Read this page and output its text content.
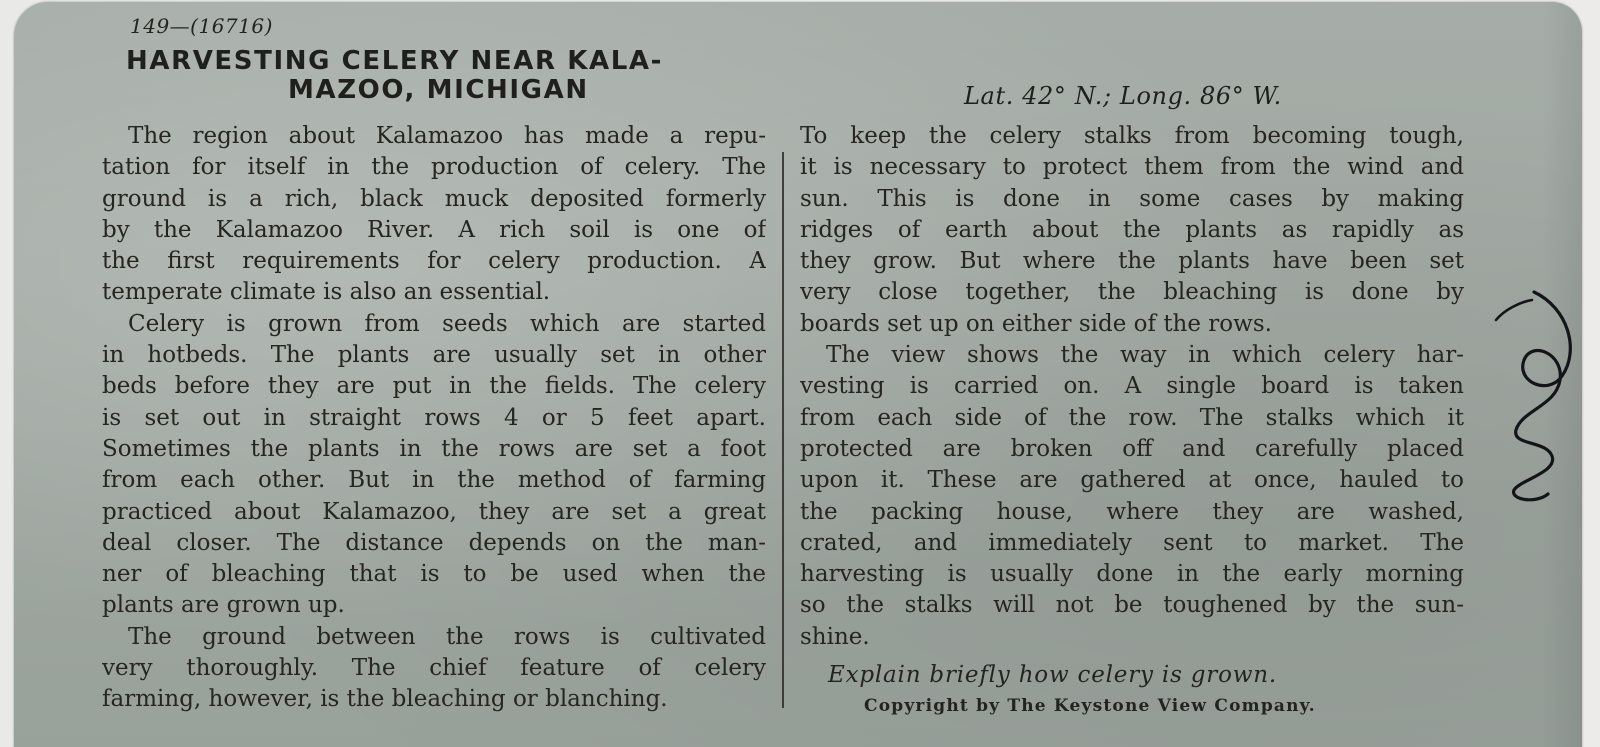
149—(16716)
HARVESTING CELERY NEAR KALA-
MAZOO, MICHIGAN	Lat. 42° N.; Long. 86° W.
The region about Kalamazoo has made a repu-
tation for itself in the production of celery. The
ground is a rich, black muck deposited formerly
by the Kalamazoo River. A rich soil is one of
the first requirements for celery production. A
temperate climate is also an essential.
Celery is grown from seeds which are started
in hotbeds. The plants are usually set in other
beds before they are put in the fields. The celery
is set out in straight rows 4 or 5 feet apart.
Sometimes the plants in the rows are set a foot
from each other. But in the method of farming
practiced about Kalamazoo, they are set a great
deal closer. The distance depends on the man-
ner of bleaching that is to be used when the
plants are grown up.
The ground between the rows is cultivated
very thoroughly. The chief feature of celery
farming, however, is the bleaching or blanching.
To keep the celery stalks from becoming tough,
it is necessary to protect them from the wind and
sun. This is done in some cases by making
ridges of earth about the plants as rapidly as
they grow. But where the plants have been set
very close together, the bleaching is done by
boards set up on either side of the rows.
The view shows the way in which celery har-
vesting is carried on. A single board is taken
from each side of the row. The stalks which it
protected are broken off and carefully placed
upon it. These are gathered at once, hauled to
the packing house, where they are washed,
crated, and immediately sent to market. The
harvesting is usually done in the early morning
so the stalks will not be toughened by the sun-
shine.
Explain briefly how celery is grown.
Copyright by The Keystone View Company.
